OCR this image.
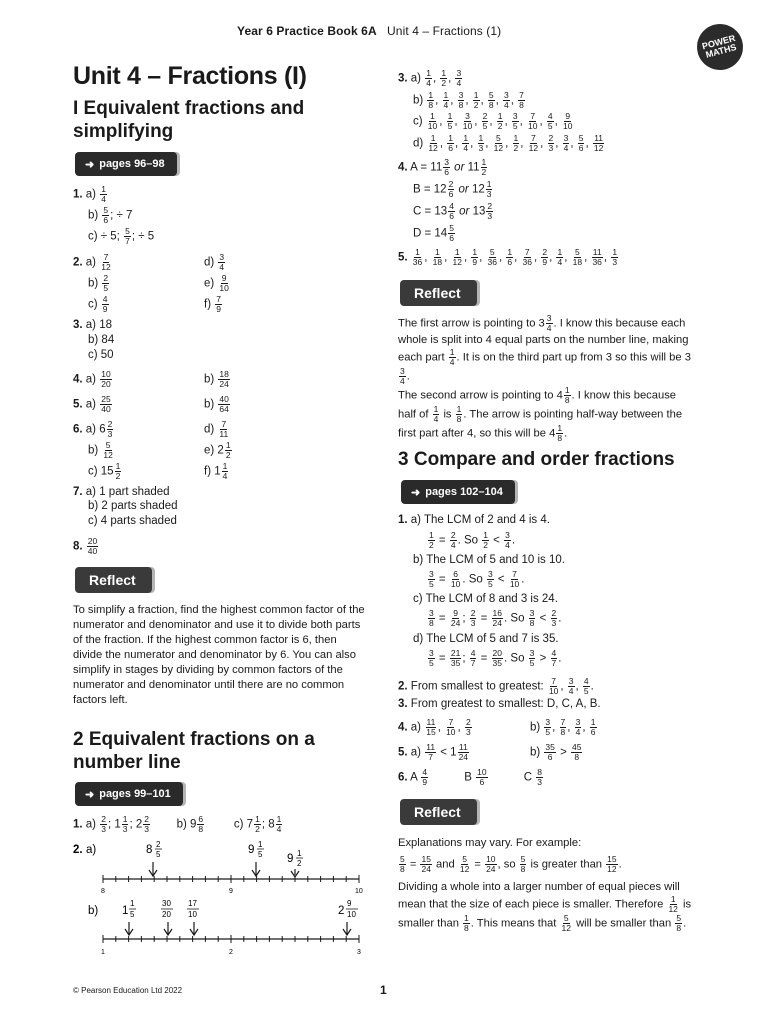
Year 6 Practice Book 6A Unit 4 – Fractions (1)
POWER MATHS
Unit 4 – Fractions (I)
I Equivalent fractions and simplifying
➜ pages 96–98
1. $a) \frac{1}{4}$
$b) \frac{5}{6}$ ; ÷ 7
c) ÷ 5; $\frac{5}{7}$ ; ÷ 5
2. $a) \frac{7}{12}$
$b) \frac{2}{5}$
$c) \frac{4}{9}$
$d) \frac{3}{4}$
$e) \frac{9}{10}$
$f) \frac{7}{9}$
3. a) 18
b) 84
c) 50
4. $a) \frac{10}{20}$	$b) \frac{18}{24}$
5. $a) \frac{25}{40}$	$b) \frac{40}{64}$
6. a) $6 \frac{2}{3}$
$b) \frac{5}{12}$
c) $15 \frac{1}{2}$
$d) \frac{7}{11}$
e) $2 \frac{1}{2}$
f) $1 \frac{1}{4}$
7. a) 1 part shaded
b) 2 parts shaded
c) 4 parts shaded
8. $\frac{20}{40}$
Reflect
To simplify a fraction, find the highest common factor of the numerator and denominator and use it to divide both parts of the fraction. If the highest common factor is 6, then divide the numerator and denominator by 6. You can also simplify in stages by dividing by common factors of the numerator and denominator until there are no common factors left.
2 Equivalent fractions on a number line
➜ pages 99–101
1. $a) \frac{2}{3}$ ; $1 \frac{1}{3}$ ; $2 \frac{2}{3} b$) $9 \frac{6}{8} c$) $7 \frac{1}{2}$ ; $8 \frac{1}{4}$
2. a)	8 2
5	9 1
5 9 1
2
8	9	10
b) 1
1
5
30
20
17
10	2
9
10
1	2	3
3. $a) \frac{1}{4}$ , $\frac{1}{2}$ , $\frac{3}{4}$
$b) \frac{1}{8}$ , $\frac{1}{4}$ , $\frac{3}{8}$ , $\frac{1}{2}$ , $\frac{5}{8}$ , $\frac{3}{4}$ , $\frac{7}{8}$
$c) \frac{1}{10}$ , $\frac{1}{5}$ , $\frac{3}{10}$ , $\frac{2}{5}$ , $\frac{1}{2}$ , $\frac{3}{5}$ , $\frac{7}{10}$ , $\frac{4}{5}$ , $\frac{9}{10}$
$d) \frac{1}{12}$ , $\frac{1}{6}$ , $\frac{1}{4}$ , $\frac{1}{3}$ , $\frac{5}{12}$ , $\frac{1}{2}$ , $\frac{7}{12}$ , $\frac{2}{3}$ , $\frac{3}{4}$ , $\frac{5}{6}$ , $\frac{11}{12}$
4. $A = 11 \frac{3}{6}$ or $11 \frac{1}{2}$
$B = 12 \frac{2}{6}$ or $12 \frac{1}{3}$
$C = 13 \frac{4}{6}$ or $13 \frac{2}{3}$
$D = 14 \frac{5}{6}$
5. $\frac{1}{36}$ , $\frac{1}{18}$ , $\frac{1}{12}$ , $\frac{1}{9}$ , $\frac{5}{36}$ , $\frac{1}{6}$ , $\frac{7}{36}$ , $\frac{2}{9}$ , $\frac{1}{4}$ , $\frac{5}{18}$ , $\frac{11}{36}$ , $\frac{1}{3}$
Reflect
The first arrow is pointing to $3 \frac{3}{4}$ . I know this because each whole is split into 4 equal parts on the number line, making each part $\frac{1}{4}$ . It is on the third part up from 3 so this will be 3
$\frac{3}{4}$ .
The second arrow is pointing to $4 \frac{1}{8}$ . I know this because half of $\frac{1}{4}$ is $\frac{1}{8}$ . The arrow is pointing half-way between the first part after 4, so this will be $4 \frac{1}{8}$ .
3 Compare and order fractions
➜ pages 102–104
1. a) The LCM of 2 and 4 is 4.
$\frac{1}{2} = \frac{2}{4}$ . So $\frac{1}{2} < \frac{3}{4}$ .
b) The LCM of 5 and 10 is 10.
$\frac{3}{5} = \frac{6}{10}$ . So $\frac{3}{5} < \frac{7}{10}$ .
c) The LCM of 8 and 3 is 24.
$\frac{3}{8} = \frac{9}{24}$ ; $\frac{2}{3} = \frac{16}{24}$ . So $\frac{3}{8} < \frac{2}{3}$ .
d) The LCM of 5 and 7 is 35.
$\frac{3}{5} = \frac{21}{35}$ ; $\frac{4}{7} = \frac{20}{35}$ . So $\frac{3}{5} > \frac{4}{7}$ .
2. From smallest to greatest: $\frac{7}{10}$ , $\frac{3}{4}$ , $\frac{4}{5}$ .
3. From greatest to smallest: D, C, A, B.
4. $a) \frac{11}{15}$ , $\frac{7}{10}$ , $\frac{2}{3}$	$b) \frac{3}{5}$ , $\frac{7}{8}$ , $\frac{3}{4}$ , $\frac{1}{6}$
5. $a) \frac{11}{7} < 1 \frac{11}{24}$	$b) \frac{35}{6} > \frac{45}{8}$
6. A $\frac{4}{9}$ B $\frac{10}{6}$ C $\frac{8}{3}$
Reflect
Explanations may vary. For example:
$\frac{5}{8} = \frac{15}{24}$ and $\frac{5}{12} = \frac{10}{24}$ , so $\frac{5}{8}$ is greater than $\frac{15}{12}$ .
Dividing a whole into a larger number of equal pieces will mean that the size of each piece is smaller. Therefore $\frac{1}{12}$ is smaller than $\frac{1}{8}$ . This means that $\frac{5}{12}$ will be smaller than $\frac{5}{8}$ .
© Pearson Education Ltd 2022	1
